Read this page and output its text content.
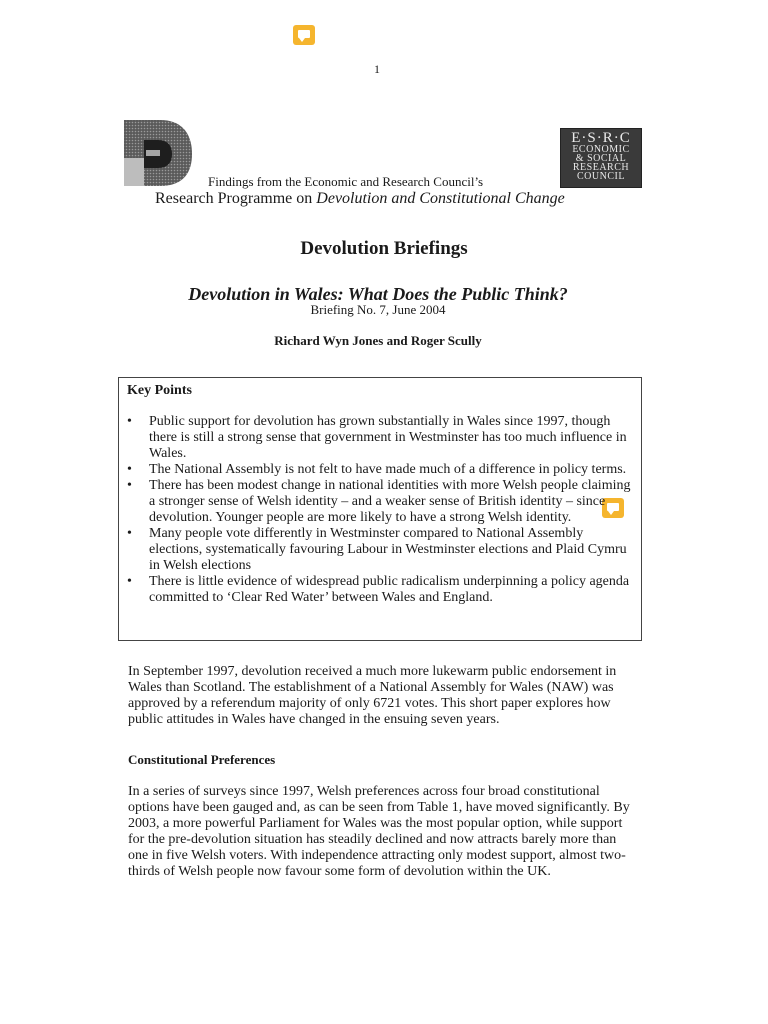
1
E·S·R·C
ECONOMIC
& SOCIAL
RESEARCH
COUNCIL
Findings from the Economic and Research Council’s
Research Programme on Devolution and Constitutional Change
Devolution Briefings
Devolution in Wales: What Does the Public Think?
Briefing No. 7, June 2004
Richard Wyn Jones and Roger Scully
Key Points
• Public support for devolution has grown substantially in Wales since 1997, though there is still a strong sense that government in Westminster has too much influence in Wales.
• The National Assembly is not felt to have made much of a difference in policy terms.
• There has been modest change in national identities with more Welsh people claiming a stronger sense of Welsh identity – and a weaker sense of British identity – since devolution. Younger people are more likely to have a strong Welsh identity.
• Many people vote differently in Westminster compared to National Assembly elections, systematically favouring Labour in Westminster elections and Plaid Cymru in Welsh elections
• There is little evidence of widespread public radicalism underpinning a policy agenda committed to ‘Clear Red Water’ between Wales and England.
In September 1997, devolution received a much more lukewarm public endorsement in Wales than Scotland. The establishment of a National Assembly for Wales (NAW) was approved by a referendum majority of only 6721 votes. This short paper explores how public attitudes in Wales have changed in the ensuing seven years.
Constitutional Preferences
In a series of surveys since 1997, Welsh preferences across four broad constitutional options have been gauged and, as can be seen from Table 1, have moved significantly. By 2003, a more powerful Parliament for Wales was the most popular option, while support for the pre-devolution situation has steadily declined and now attracts barely more than one in five Welsh voters. With independence attracting only modest support, almost two-thirds of Welsh people now favour some form of devolution within the UK.
